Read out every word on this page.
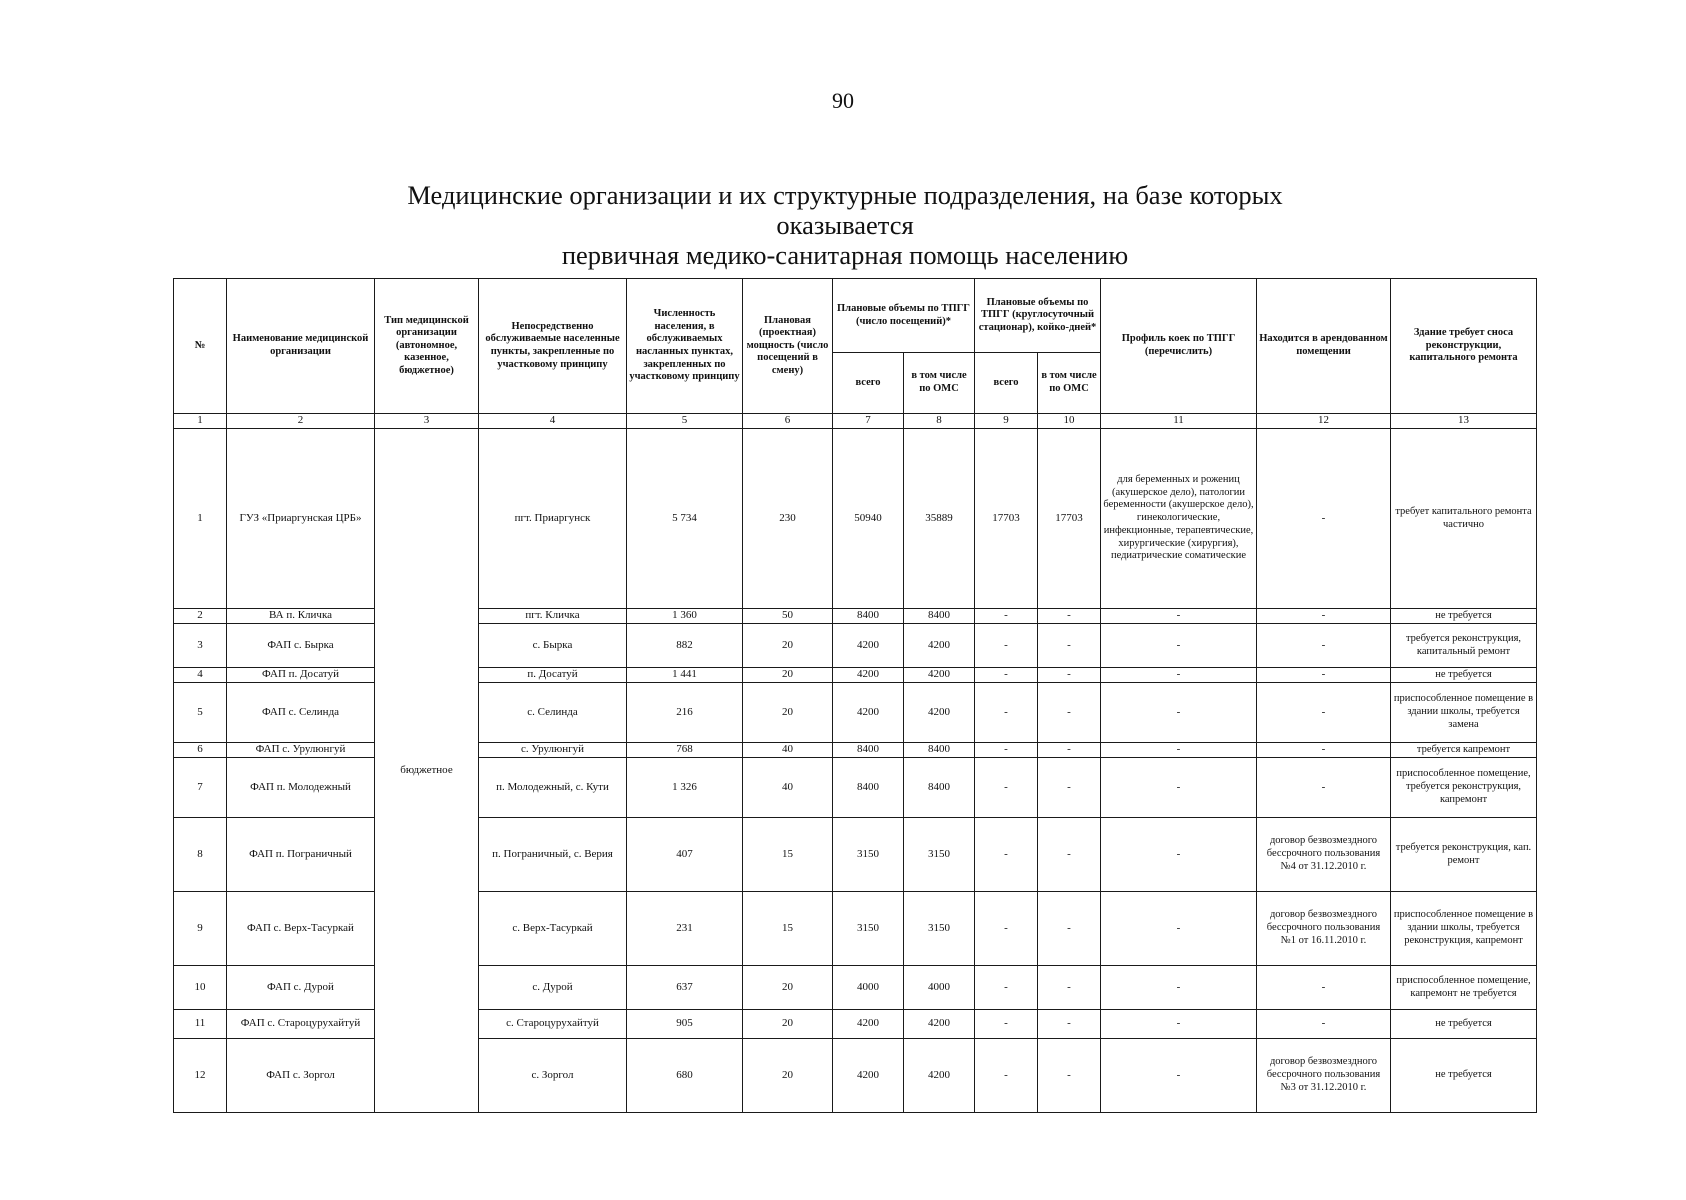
90
Медицинские организации и их структурные подразделения, на базе которых оказывается
первичная медико-санитарная помощь населению
№	Наименование медицинской организации	Тип медицинской организации (автономное, казенное, бюджетное)	Непосредственно обслуживаемые населенные пункты, закрепленные по участковому принципу	Численность населения, в обслуживаемых насланных пунктах, закрепленных по участковому принципу	Плановая (проектная) мощность (число посещений в смену)	Плановые объемы по ТПГГ (число посещений)*		Плановые объемы по ТПГГ (круглосуточный стационар), койко-дней*		Профиль коек по ТПГГ (перечислить)	Находится в арендованном помещении	Здание требует сноса реконструкции, капитального ремонта
						всего	в том числе по ОМС	всего	в том числе по ОМС			
1	2	3	4	5	6	7	8	9	10	11	12	13
1	ГУЗ «Приаргунская ЦРБ»	бюджетное	пгт. Приаргунск	5 734	230	50940	35889	17703	17703	для беременных и рожениц (акушерское дело), патологии беременности (акушерское дело), гинекологические, инфекционные, терапевтические, хирургические (хирургия), педиатрические соматические	-	требует капитального ремонта частично
2	ВА п. Кличка		пгт. Кличка	1 360	50	8400	8400	-	-	-	-	не требуется
3	ФАП с. Бырка		с. Бырка	882	20	4200	4200	-	-	-	-	требуется реконструкция, капитальный ремонт
4	ФАП п. Досатуй		п. Досатуй	1 441	20	4200	4200	-	-	-	-	не требуется
5	ФАП с. Селинда		с. Селинда	216	20	4200	4200	-	-	-	-	приспособленное помещение в здании школы, требуется замена
6	ФАП с. Урулюнгуй		с. Урулюнгуй	768	40	8400	8400	-	-	-	-	требуется капремонт
7	ФАП п. Молодежный		п. Молодежный, с. Кути	1 326	40	8400	8400	-	-	-	-	приспособленное помещение, требуется реконструкция, капремонт
8	ФАП п. Пограничный		п. Пограничный, с. Верия	407	15	3150	3150	-	-	-	договор безвозмездного бессрочного пользования №4 от 31.12.2010 г.	требуется реконструкция, кап. ремонт
9	ФАП с. Верх-Тасуркай		с. Верх-Тасуркай	231	15	3150	3150	-	-	-	договор безвозмездного бессрочного пользования №1 от 16.11.2010 г.	приспособленное помещение в здании школы, требуется реконструкция, капремонт
10	ФАП с. Дурой		с. Дурой	637	20	4000	4000	-	-	-	-	приспособленное помещение, капремонт не требуется
11	ФАП с. Староцурухайтуй		с. Староцурухайтуй	905	20	4200	4200	-	-	-	-	не требуется
12	ФАП с. Зоргол		с. Зоргол	680	20	4200	4200	-	-	-	договор безвозмездного бессрочного пользования №3 от 31.12.2010 г.	не требуется
